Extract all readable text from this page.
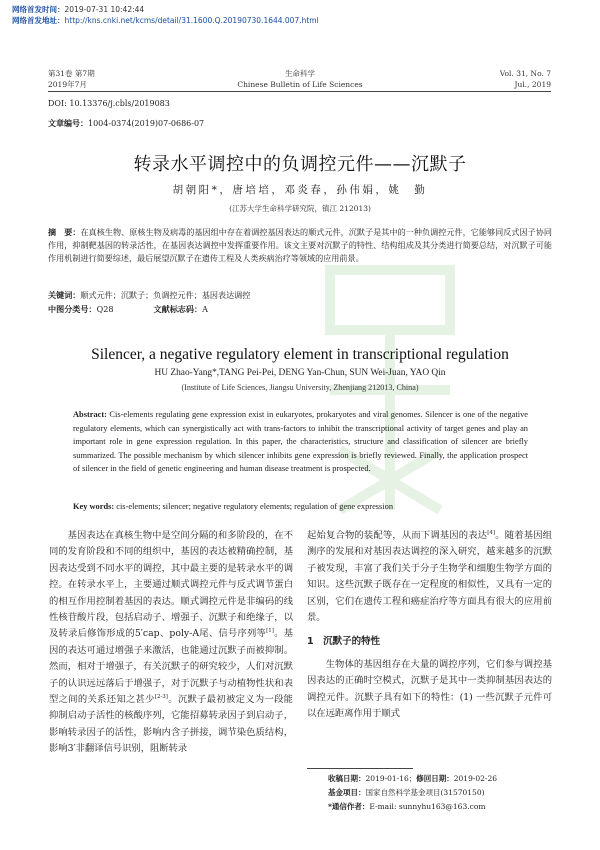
网络首发时间：2019-07-31 10:42:44
网络首发地址：http://kns.cnki.net/kcms/detail/31.1600.Q.20190730.1644.007.html
第31卷 第7期
2019年7月
生命科学
Chinese Bulletin of Life Sciences
Vol. 31, No. 7
Jul., 2019
DOI: 10.13376/j.cbls/2019083
文章编号：1004-0374(2019)07-0686-07
转录水平调控中的负调控元件——沉默子
胡朝阳*，唐培培，邓炎春，孙伟娟，姚　勤
(江苏大学生命科学研究院，镇江 212013)
摘　要：在真核生物、原核生物及病毒的基因组中存在着调控基因表达的顺式元件，沉默子是其中的一种负调控元件，它能够同反式因子协同作用，抑制靶基因的转录活性，在基因表达调控中发挥重要作用。该文主要对沉默子的特性、结构组成及其分类进行简要总结，对沉默子可能作用机制进行简要综述，最后展望沉默子在遗传工程及人类疾病治疗等领域的应用前景。
关键词：顺式元件；沉默子；负调控元件；基因表达调控
中图分类号：Q28	文献标志码：A
Silencer, a negative regulatory element in transcriptional regulation
HU Zhao-Yang*,TANG Pei-Pei, DENG Yan-Chun, SUN Wei-Juan, YAO Qin
(Institute of Life Sciences, Jiangsu University, Zhenjiang 212013, China)
Abstract: Cis-elements regulating gene expression exist in eukaryotes, prokaryotes and viral genomes. Silencer is one of the negative regulatory elements, which can synergistically act with trans-factors to inhibit the transcriptional activity of target genes and play an important role in gene expression regulation. In this paper, the characteristics, structure and classification of silencer are briefly summarized. The possible mechanism by which silencer inhibits gene expression is briefly reviewed. Finally, the application prospect of silencer in the field of genetic engineering and human disease treatment is prospected.
Key words: cis-elements; silencer; negative regulatory elements; regulation of gene expression
基因表达在真核生物中是空间分隔的和多阶段的，在不同的发育阶段和不同的组织中，基因的表达被精确控制，基因表达受到不同水平的调控，其中最主要的是转录水平的调控。在转录水平上，主要通过顺式调控元件与反式调节蛋白的相互作用控制着基因的表达。顺式调控元件是非编码的线性核苷酸片段，包括启动子、增强子、沉默子和绝缘子，以及转录后修饰形成的5′cap、poly-A尾、信号序列等[1]。基因的表达可通过增强子来激活，也能通过沉默子而被抑制。然而，相对于增强子，有关沉默子的研究较少，人们对沉默子的认识远远落后于增强子，对于沉默子与动植物性状和表型之间的关系还知之甚少[2-3]。沉默子最初被定义为一段能抑制启动子活性的核酸序列，它能招募转录因子到启动子，影响转录因子的活性，影响内含子拼接，调节染色质结构，影响3′非翻译信号识别，阻断转录

起始复合物的装配等，从而下调基因的表达[4]。随着基因组测序的发展和对基因表达调控的深入研究，越来越多的沉默子被发现，丰富了我们关于分子生物学和细胞生物学方面的知识。这些沉默子既存在一定程度的相似性，又具有一定的区别，它们在遗传工程和癌症治疗等方面具有很大的应用前景。

1　沉默子的特性

生物体的基因组存在大量的调控序列，它们参与调控基因表达的正确时空模式，沉默子是其中一类抑制基因表达的调控元件。沉默子具有如下的特性：(1) 一些沉默子元件可以在远距离作用于顺式

收稿日期：2019-01-16；修回日期：2019-02-26
基金项目：国家自然科学基金项目(31570150)
*通信作者：E-mail: sunnyhu163@163.com
